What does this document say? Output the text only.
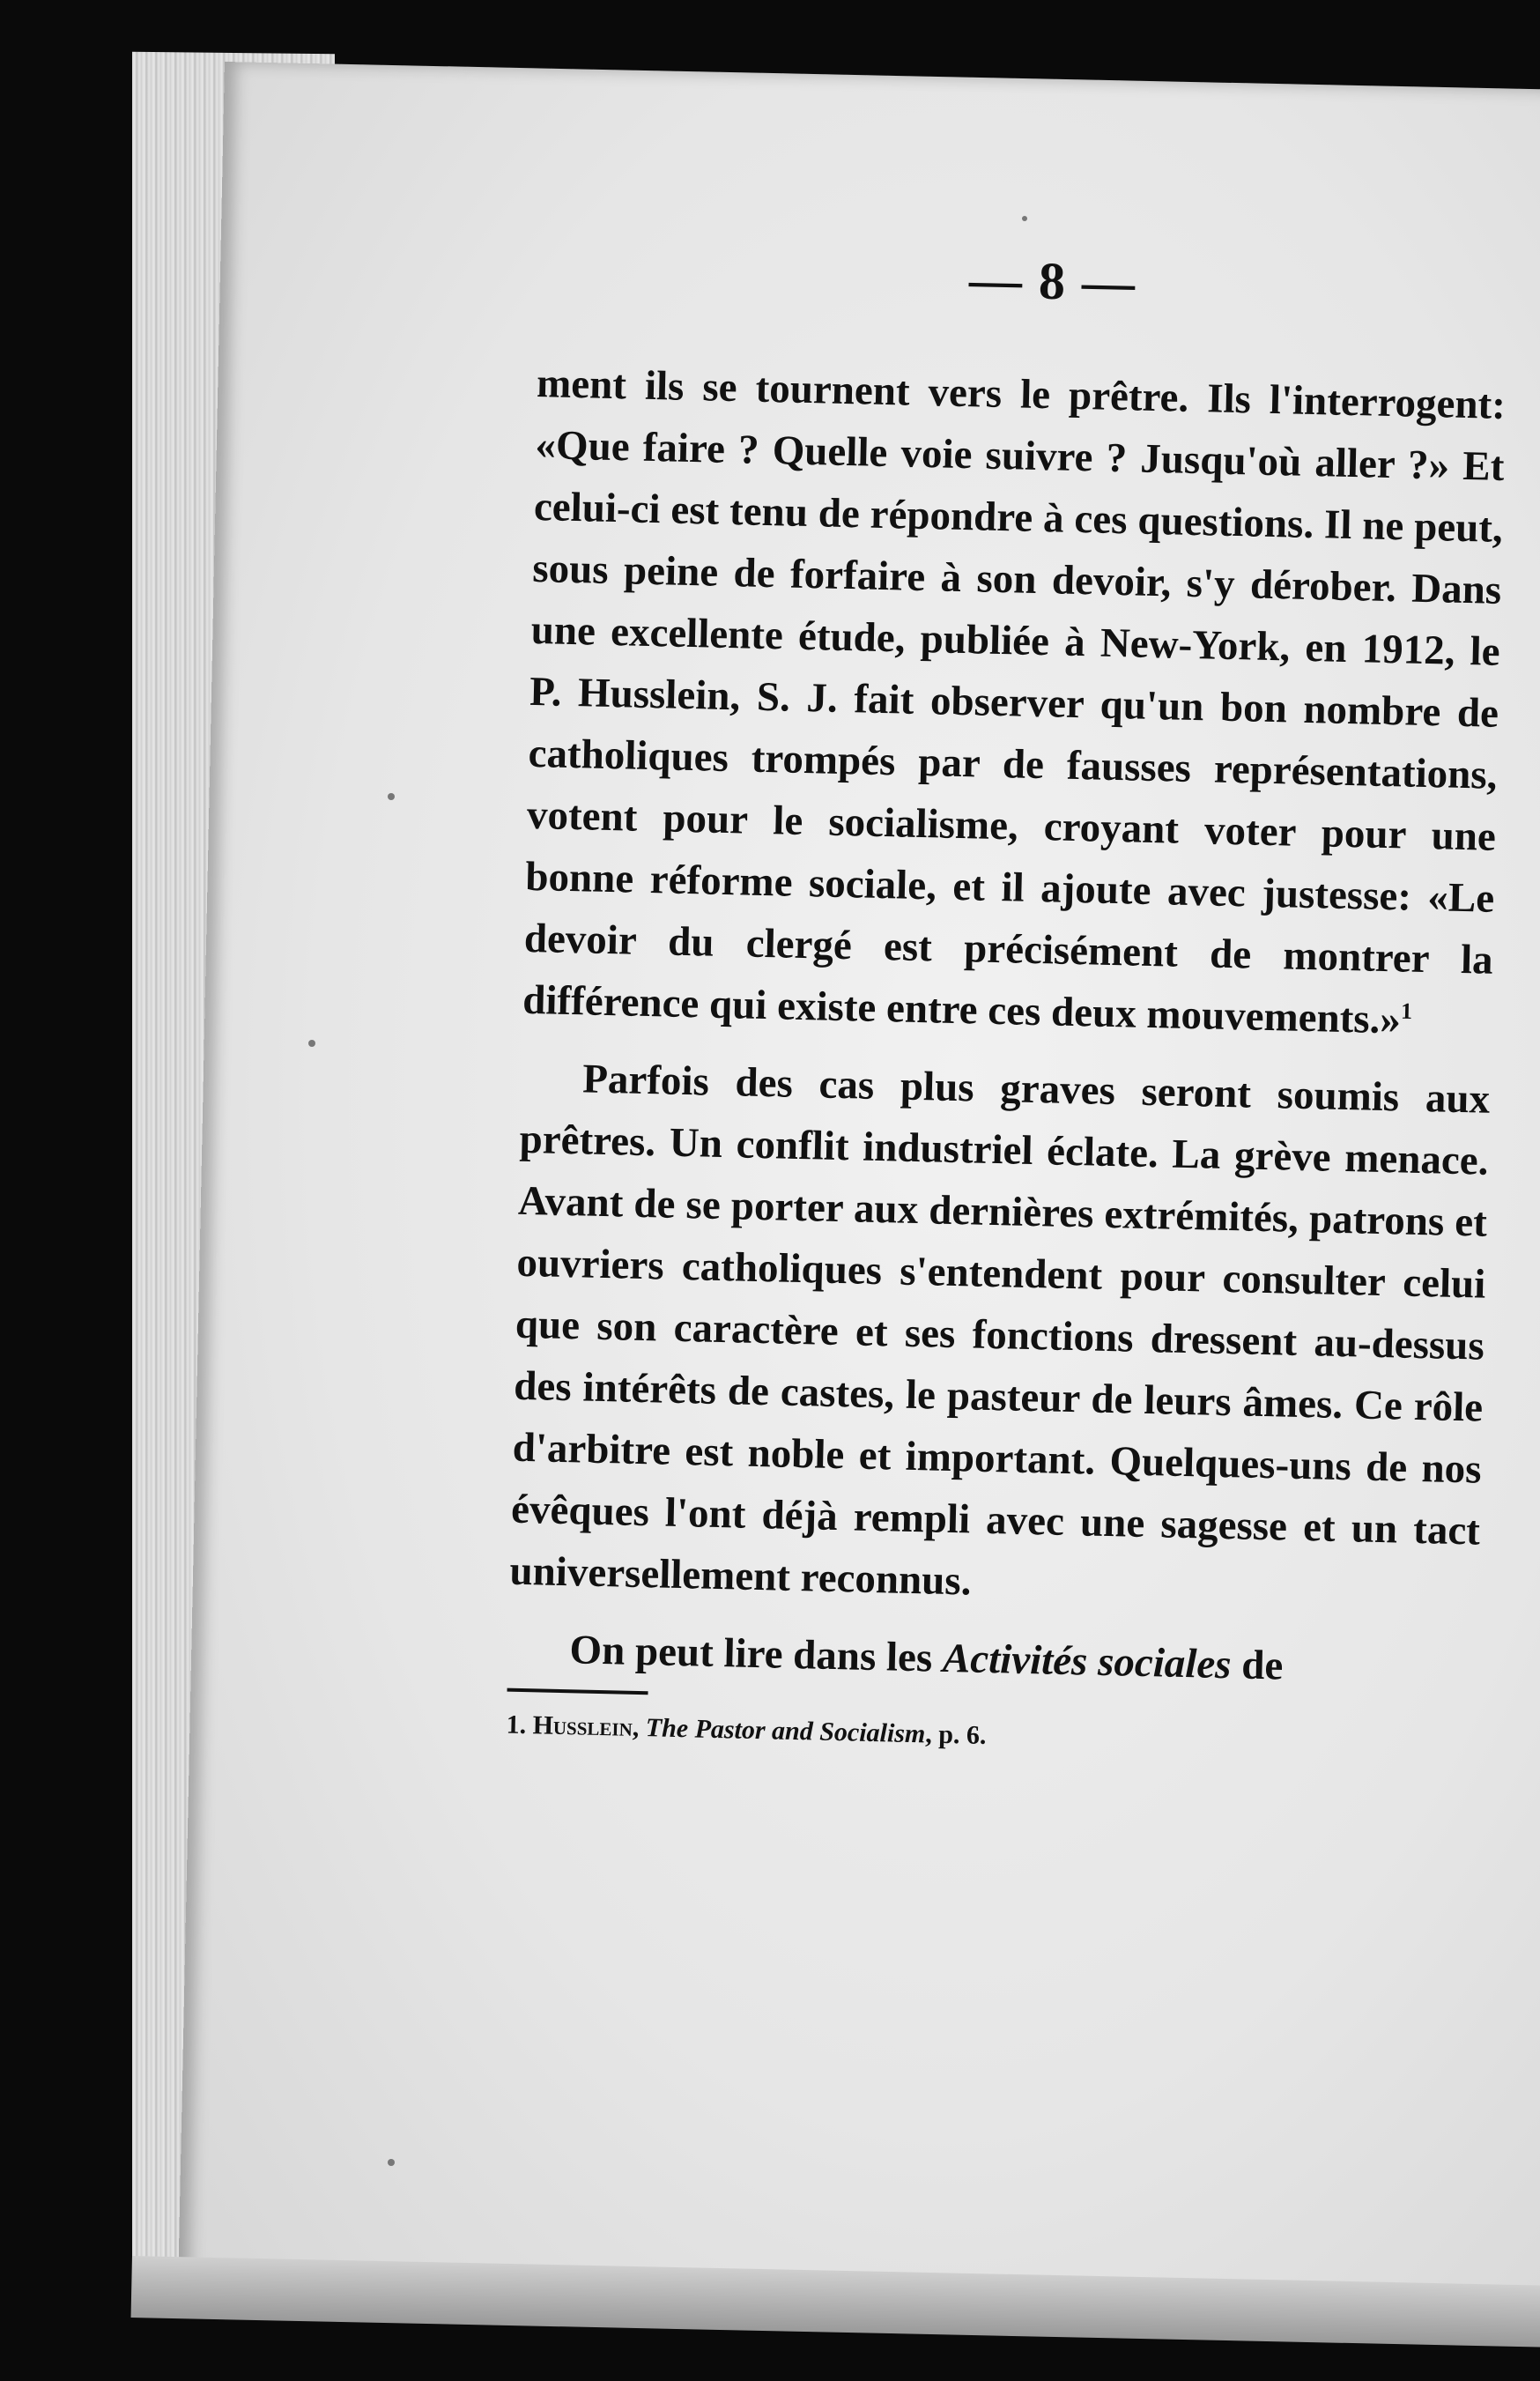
— 8 —

ment ils se tournent vers le prêtre. Ils l'interrogent: «Que faire ? Quelle voie suivre ? Jusqu'où aller ?» Et celui-ci est tenu de répondre à ces questions. Il ne peut, sous peine de forfaire à son devoir, s'y dérober. Dans une excellente étude, publiée à New-York, en 1912, le P. Husslein, S. J. fait observer qu'un bon nombre de catholiques trompés par de fausses représentations, votent pour le socialisme, croyant voter pour une bonne réforme sociale, et il ajoute avec justesse: «Le devoir du clergé est précisément de montrer la différence qui existe entre ces deux mouvements.»$^1$

Parfois des cas plus graves seront soumis aux prêtres. Un conflit industriel éclate. La grève menace. Avant de se porter aux dernières extrémités, patrons et ouvriers catholiques s'entendent pour consulter celui que son caractère et ses fonctions dressent au-dessus des intérêts de castes, le pasteur de leurs âmes. Ce rôle d'arbitre est noble et important. Quelques-uns de nos évêques l'ont déjà rempli avec une sagesse et un tact universellement reconnus.

On peut lire dans les Activités sociales de

1. Husslein, The Pastor and Socialism, p. 6.
